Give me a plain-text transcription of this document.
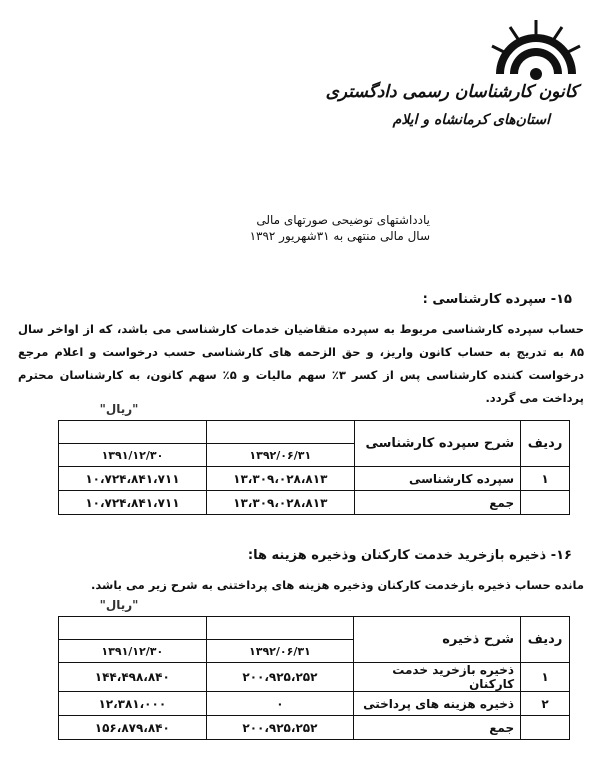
کانون کارشناسان رسمی دادگستری
استان‌های کرمانشاه و ایلام
یادداشتهای توضیحی صورتهای مالی
سال مالی منتهی به ۳۱شهریور ۱۳۹۲
۱۵- سپرده کارشناسی :
حساب سپرده کارشناسی مربوط به سپرده متقاضیان خدمات کارشناسی می باشد، که از اواخر سال ۸۵ به تدریج به حساب کانون واریز، و حق الزحمه های کارشناسی حسب درخواست و اعلام مرجع درخواست کننده کارشناسی پس از کسر ۳٪ سهم مالیات و ۵٪ سهم کانون، به کارشناسان محترم پرداخت می گردد.
"ریال"
ردیف	شرح سپرده کارشناسی		
		۱۳۹۲/۰۶/۳۱	۱۳۹۱/۱۲/۳۰
۱	سپرده کارشناسی	۱۳،۳۰۹،۰۲۸،۸۱۳	۱۰،۷۲۴،۸۴۱،۷۱۱
	جمع	۱۳،۳۰۹،۰۲۸،۸۱۳	۱۰،۷۲۴،۸۴۱،۷۱۱
۱۶- ذخیره بازخرید خدمت کارکنان وذخیره هزینه ها:
مانده حساب ذخیره بازخدمت کارکنان وذخیره هزینه های پرداختنی به شرح زیر می باشد.
"ریال"
ردیف	شرح ذخیره		
		۱۳۹۲/۰۶/۳۱	۱۳۹۱/۱۲/۳۰
۱	ذخیره بازخرید خدمت کارکنان	۲۰۰،۹۲۵،۲۵۲	۱۴۴،۴۹۸،۸۴۰
۲	ذخیره هزینه های پرداختی	۰	۱۲،۳۸۱،۰۰۰
	جمع	۲۰۰،۹۲۵،۲۵۲	۱۵۶،۸۷۹،۸۴۰
